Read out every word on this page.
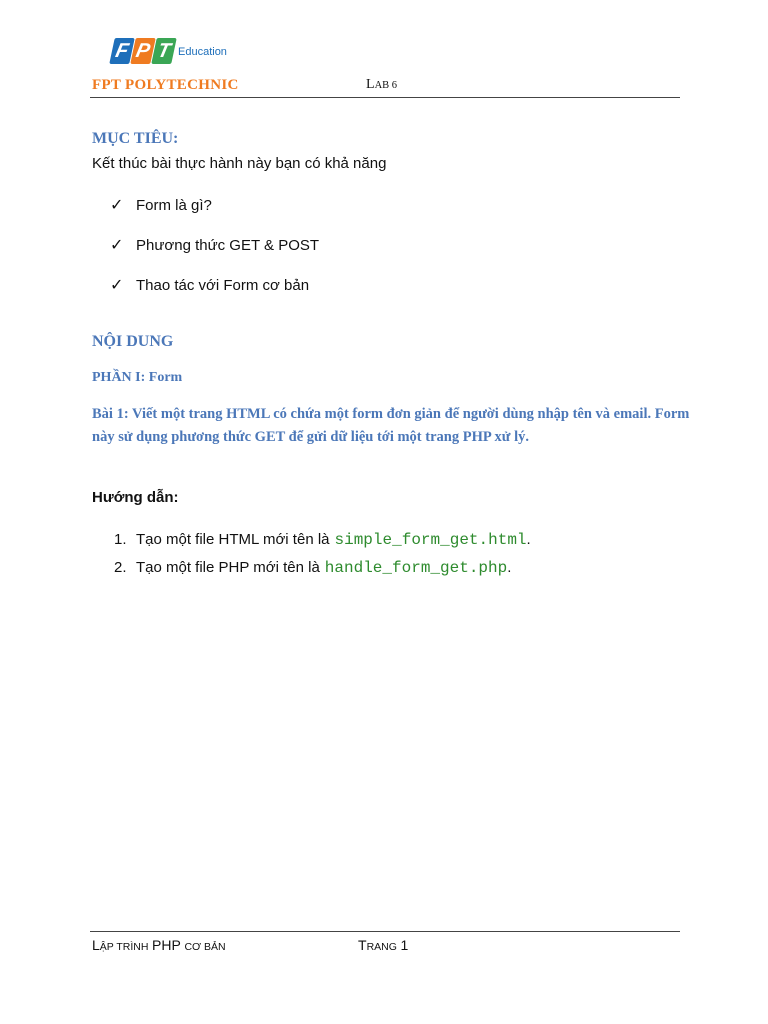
F P T Education
FPT POLYTECHNIC	LAB 6
MỤC TIÊU:
Kết thúc bài thực hành này bạn có khả năng
✓ Form là gì?
✓ Phương thức GET & POST
✓ Thao tác với Form cơ bản
NỘI DUNG
PHẦN I: Form
Bài 1: Viết một trang HTML có chứa một form đơn giản để người dùng nhập tên và email. Form này sử dụng phương thức GET để gửi dữ liệu tới một trang PHP xử lý.
Hướng dẫn:
1. Tạo một file HTML mới tên là simple_form_get.html .
2. Tạo một file PHP mới tên là handle_form_get.php .
LẬP TRÌNH PHP CƠ BẢN	TRANG 1
